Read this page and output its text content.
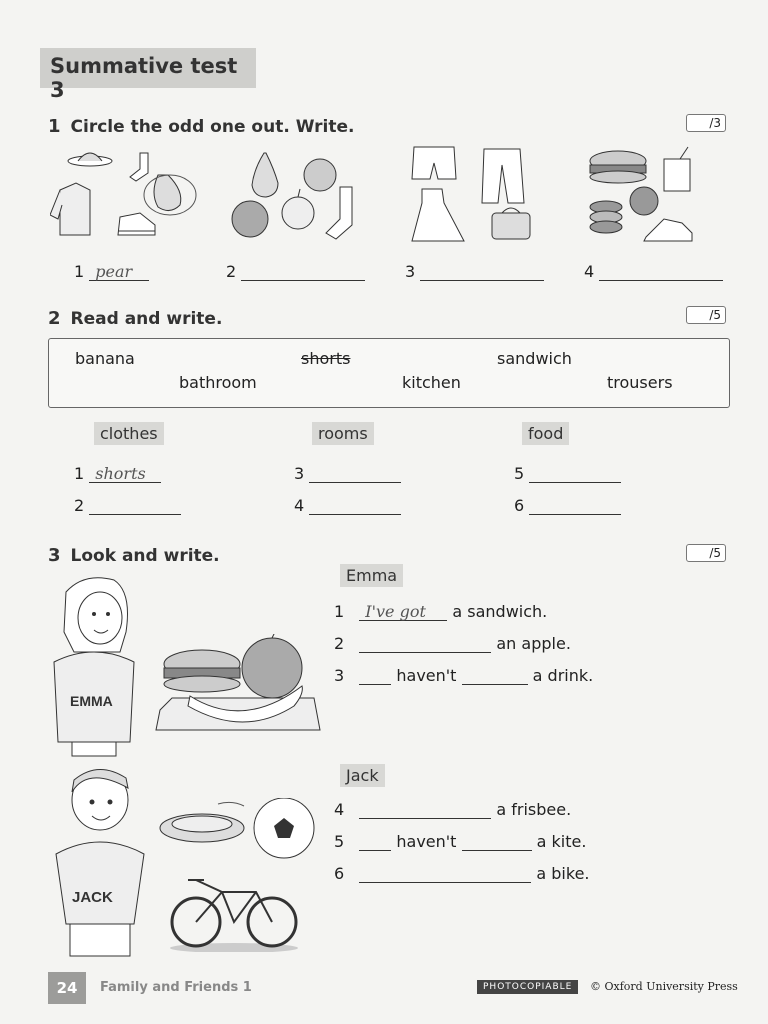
Summative test 3
1 Circle the odd one out. Write.	/3
1 pear	2	3	4
2 Read and write.	/5
banana	shorts	sandwich
bathroom	kitchen	trousers
clothes	rooms	food
1 shorts
2
3
4
5
6
3 Look and write.	/5
EMMA
Emma
1 I've got a sandwich.
2	an apple.
3	haven't	a drink.
JACK
Jack
4	a frisbee.
5	haven't	a kite.
6	a bike.
24	Family and Friends 1	PHOTOCOPIABLE	© Oxford University Press
